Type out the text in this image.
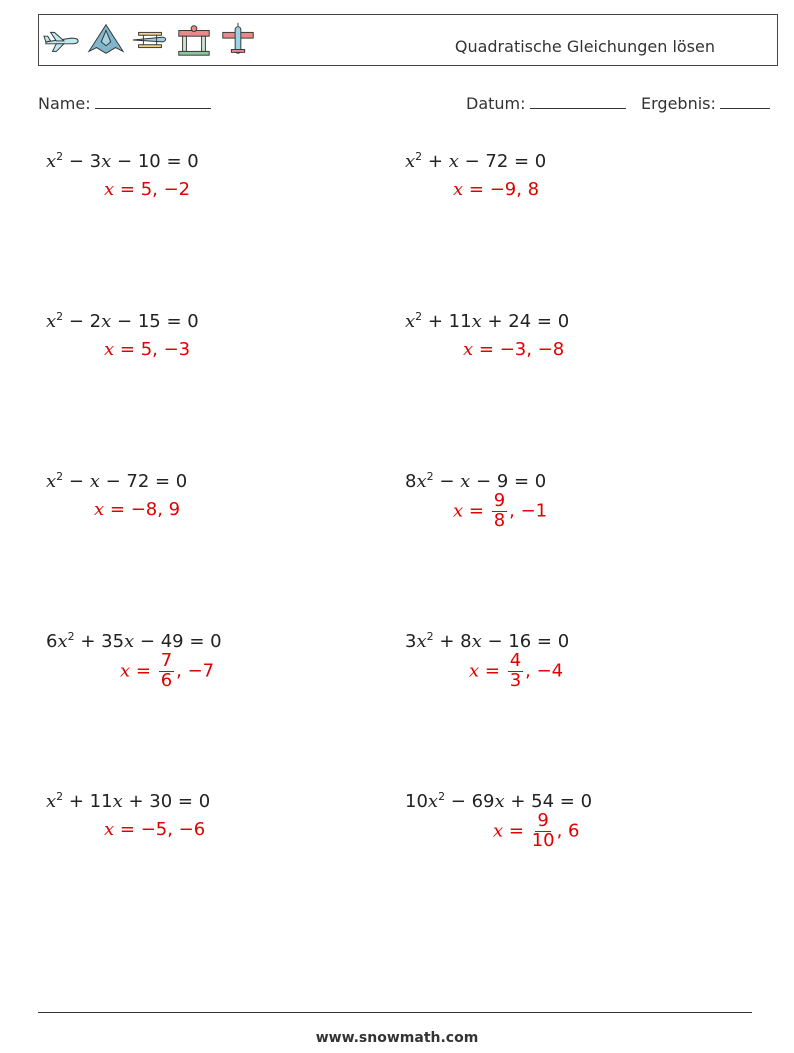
Quadratische Gleichungen lösen
Name:	Datum:	Ergebnis:
$x^2 - 3x - 10 = 0$
x = 5, −2
$x^2 + x - 72 = 0$
x = −9, 8
$x^2 - 2x - 15 = 0$
x = 5, −3
$x^2 + 11x + 24 = 0$
x = −3, −8
$x^2 - x - 72 = 0$
x = −8, 9
$8x^2 - x - 9 = 0$
$x = \frac{9}{8}$ , −1
$6x^2 + 35x - 49 = 0$
$x = \frac{7}{6}$ , −7
$3x^2 + 8x - 16 = 0$
$x = \frac{4}{3}$ , −4
$x^2 + 11x + 30 = 0$
x = −5, −6
$10x^2 - 69x + 54 = 0$
$x = \frac{9}{10}$ , 6
www.snowmath.com
